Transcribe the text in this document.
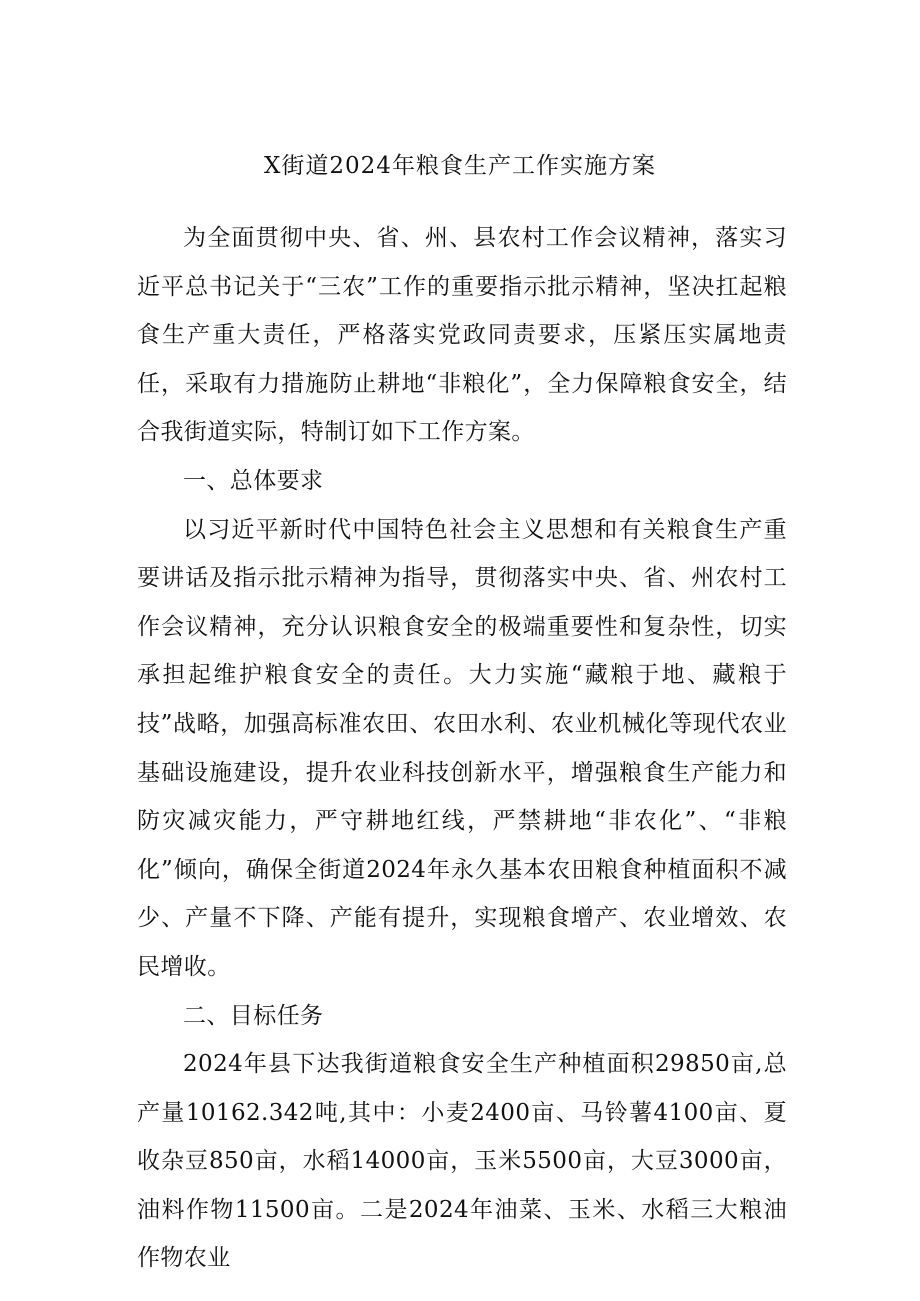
X街道2024年粮食生产工作实施方案

为全面贯彻中央、省、州、县农村工作会议精神，落实习近平总书记关于“三农”工作的重要指示批示精神，坚决扛起粮食生产重大责任，严格落实党政同责要求，压紧压实属地责任，采取有力措施防止耕地“非粮化”，全力保障粮食安全，结合我街道实际，特制订如下工作方案。

一、总体要求

以习近平新时代中国特色社会主义思想和有关粮食生产重要讲话及指示批示精神为指导，贯彻落实中央、省、州农村工作会议精神，充分认识粮食安全的极端重要性和复杂性，切实承担起维护粮食安全的责任。大力实施“藏粮于地、藏粮于技”战略，加强高标准农田、农田水利、农业机械化等现代农业基础设施建设，提升农业科技创新水平，增强粮食生产能力和防灾减灾能力，严守耕地红线，严禁耕地“非农化”、“非粮化”倾向，确保全街道2024年永久基本农田粮食种植面积不减少、产量不下降、产能有提升，实现粮食增产、农业增效、农民增收。

二、目标任务

2024年县下达我街道粮食安全生产种植面积29850亩,总产量10162.342吨,其中：小麦2400亩、马铃薯4100亩、夏收杂豆850亩，水稻14000亩，玉米5500亩，大豆3000亩，油料作物11500亩。二是2024年油菜、玉米、水稻三大粮油作物农业
